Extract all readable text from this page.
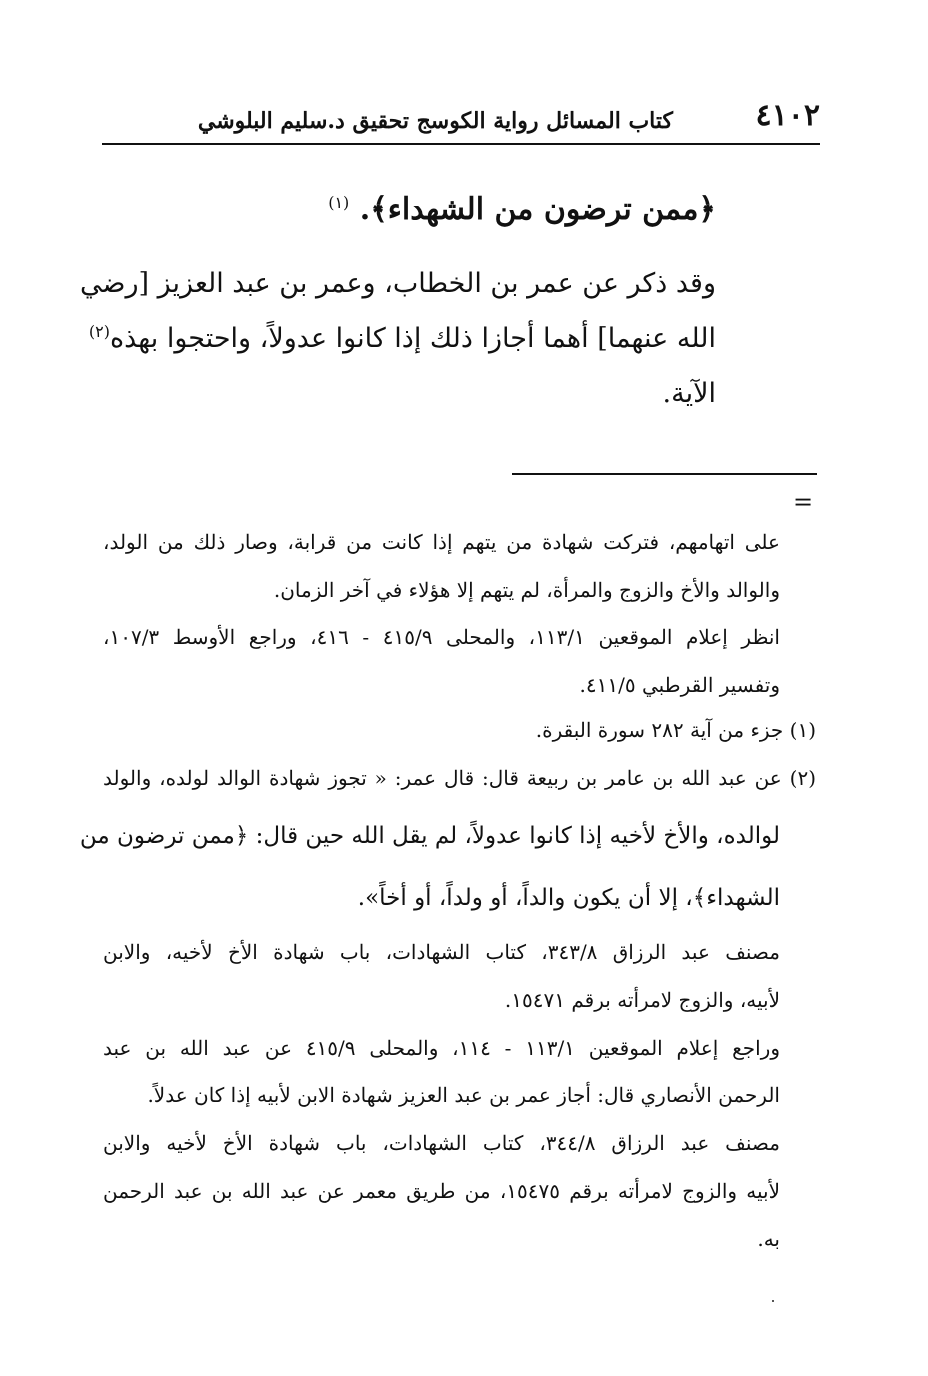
٤١٠٢
كتاب المسائل رواية الكوسج تحقيق د.سليم البلوشي
﴿ممن ترضون من الشهداء﴾. $^{(١)}$
وقد ذكر عن عمر بن الخطاب، وعمر بن عبد العزيز [رضي
الله عنهما] أهما أجازا ذلك إذا كانوا عدولاً، واحتجوا بهذه$^{(٢)}$
الآية.
=
على اتهامهم، فتركت شهادة من يتهم إذا كانت من قرابة، وصار ذلك من الولد،
والوالد والأخ والزوج والمرأة، لم يتهم إلا هؤلاء في آخر الزمان.
انظر إعلام الموقعين ١١٣/١، والمحلى ٤١٥/٩ - ٤١٦، وراجع الأوسط ١٠٧/٣،
وتفسير القرطبي ٤١١/٥.
(١) جزء من آية ٢٨٢ سورة البقرة.
(٢) عن عبد الله بن عامر بن ربيعة قال: قال عمر: « تجوز شهادة الوالد لولده، والولد
لوالده، والأخ لأخيه إذا كانوا عدولاً، لم يقل الله حين قال: ﴿ممن ترضون من
الشهداء﴾، إلا أن يكون والداً، أو ولداً، أو أخاً».
مصنف عبد الرزاق ٣٤٣/٨، كتاب الشهادات، باب شهادة الأخ لأخيه، والابن
لأبيه، والزوج لامرأته برقم ١٥٤٧١.
وراجع إعلام الموقعين ١١٣/١ - ١١٤، والمحلى ٤١٥/٩ عن عبد الله بن عبد
الرحمن الأنصاري قال: أجاز عمر بن عبد العزيز شهادة الابن لأبيه إذا كان عدلاً.
مصنف عبد الرزاق ٣٤٤/٨، كتاب الشهادات، باب شهادة الأخ لأخيه والابن
لأبيه والزوج لامرأته برقم ١٥٤٧٥، من طريق معمر عن عبد الله بن عبد الرحمن
به.
